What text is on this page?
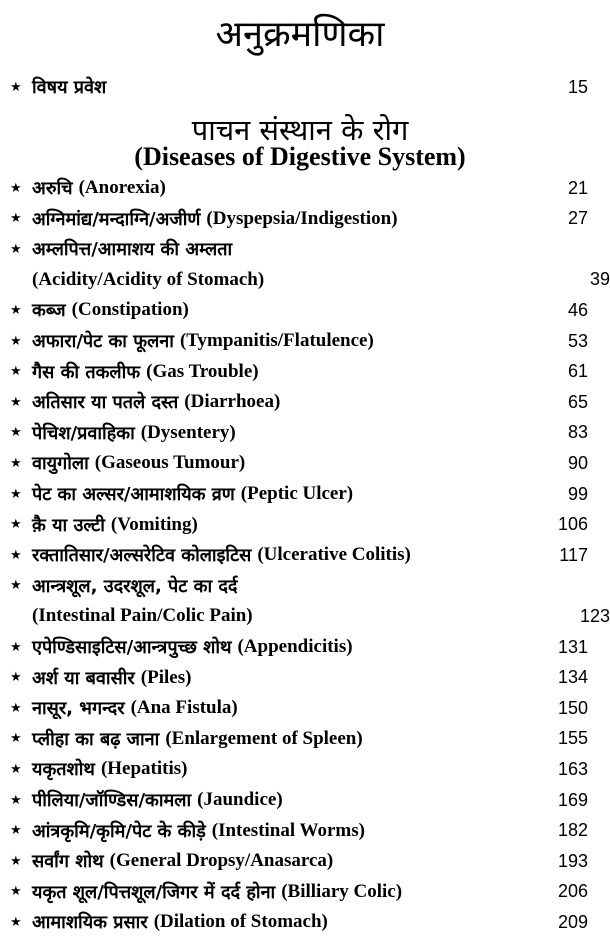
अनुक्रमणिका
★ विषय प्रवेश	15
पाचन संस्थान के रोग
(Diseases of Digestive System)
★ अरुचि (Anorexia)	21
★ अग्निमांद्य/मन्दाग्नि/अजीर्ण (Dyspepsia/Indigestion)	27
★ अम्लपित्त/आमाशय की अम्लता
(Acidity/Acidity of Stomach)	39
★ कब्ज (Constipation)	46
★ अफारा/पेट का फूलना (Tympanitis/Flatulence)	53
★ गैस की तकलीफ (Gas Trouble)	61
★ अतिसार या पतले दस्त (Diarrhoea)	65
★ पेचिश/प्रवाहिका (Dysentery)	83
★ वायुगोला (Gaseous Tumour)	90
★ पेट का अल्सर/आमाशयिक व्रण (Peptic Ulcer)	99
★ क़ै या उल्टी (Vomiting)	106
★ रक्तातिसार/अल्सरेटिव कोलाइटिस (Ulcerative Colitis)	117
★ आन्त्रशूल, उदरशूल, पेट का दर्द
(Intestinal Pain/Colic Pain)	123
★ एपेण्डिसाइटिस/आन्त्रपुच्छ शोथ (Appendicitis)	131
★ अर्श या बवासीर (Piles)	134
★ नासूर, भगन्दर (Ana Fistula)	150
★ प्लीहा का बढ़ जाना (Enlargement of Spleen)	155
★ यकृतशोथ (Hepatitis)	163
★ पीलिया/जॉण्डिस/कामला (Jaundice)	169
★ आंत्रकृमि/कृमि/पेट के कीड़े (Intestinal Worms)	182
★ सर्वांग शोथ (General Dropsy/Anasarca)	193
★ यकृत शूल/पित्तशूल/जिगर में दर्द होना (Billiary Colic)	206
★ आमाशयिक प्रसार (Dilation of Stomach)	209
